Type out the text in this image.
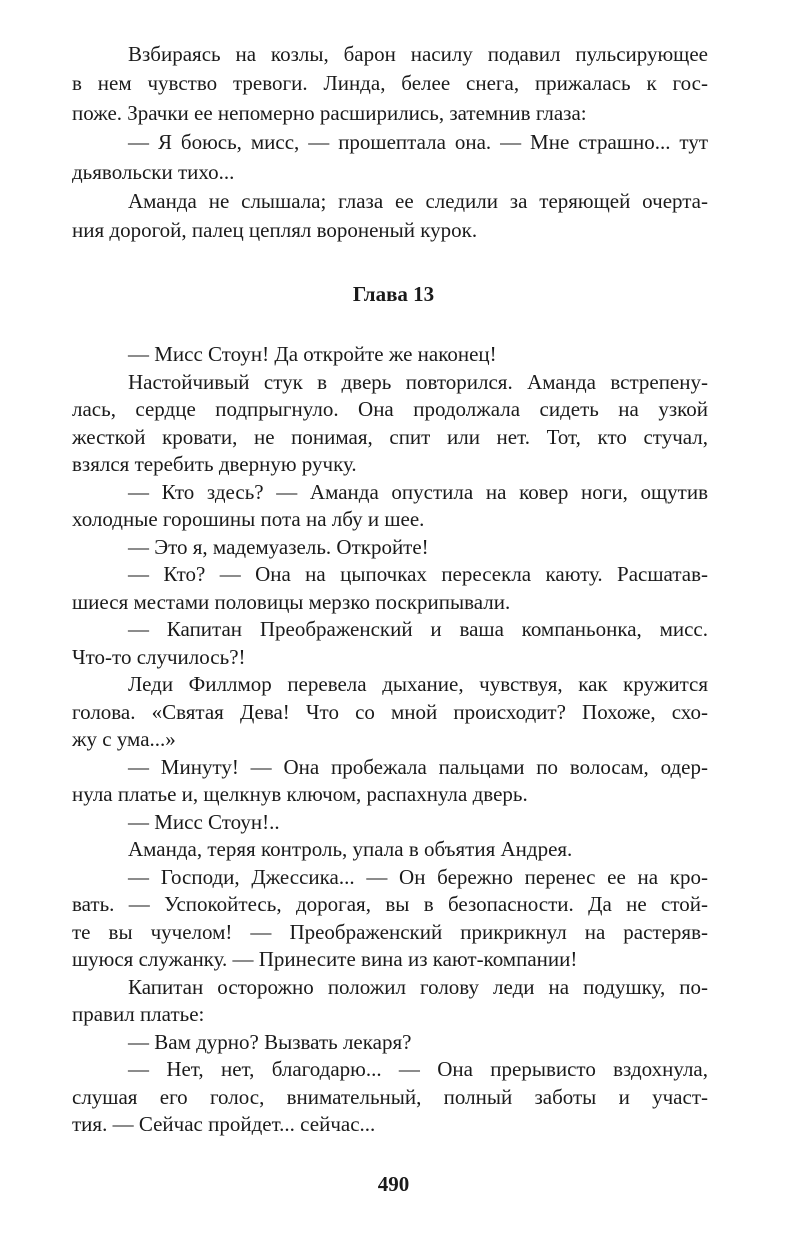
Взбираясь на козлы, барон насилу подавил пульсирующее
в нем чувство тревоги. Линда, белее снега, прижалась к гос-
поже. Зрачки ее непомерно расширились, затемнив глаза:
— Я боюсь, мисс, — прошептала она. — Мне страшно... тут
дьявольски тихо...
Аманда не слышала; глаза ее следили за теряющей очерта-
ния дорогой, палец цеплял вороненый курок.
Глава 13
— Мисс Стоун! Да откройте же наконец!
Настойчивый стук в дверь повторился. Аманда встрепену-
лась, сердце подпрыгнуло. Она продолжала сидеть на узкой
жесткой кровати, не понимая, спит или нет. Тот, кто стучал,
взялся теребить дверную ручку.
— Кто здесь? — Аманда опустила на ковер ноги, ощутив
холодные горошины пота на лбу и шее.
— Это я, мадемуазель. Откройте!
— Кто? — Она на цыпочках пересекла каюту. Расшатав-
шиеся местами половицы мерзко поскрипывали.
— Капитан Преображенский и ваша компаньонка, мисс.
Что-то случилось?!
Леди Филлмор перевела дыхание, чувствуя, как кружится
голова. «Святая Дева! Что со мной происходит? Похоже, схо-
жу с ума...»
— Минуту! — Она пробежала пальцами по волосам, одер-
нула платье и, щелкнув ключом, распахнула дверь.
— Мисс Стоун!..
Аманда, теряя контроль, упала в объятия Андрея.
— Господи, Джессика... — Он бережно перенес ее на кро-
вать. — Успокойтесь, дорогая, вы в безопасности. Да не стой-
те вы чучелом! — Преображенский прикрикнул на растеряв-
шуюся служанку. — Принесите вина из кают-компании!
Капитан осторожно положил голову леди на подушку, по-
правил платье:
— Вам дурно? Вызвать лекаря?
— Нет, нет, благодарю... — Она прерывисто вздохнула,
слушая его голос, внимательный, полный заботы и участ-
тия. — Сейчас пройдет... сейчас...
490
